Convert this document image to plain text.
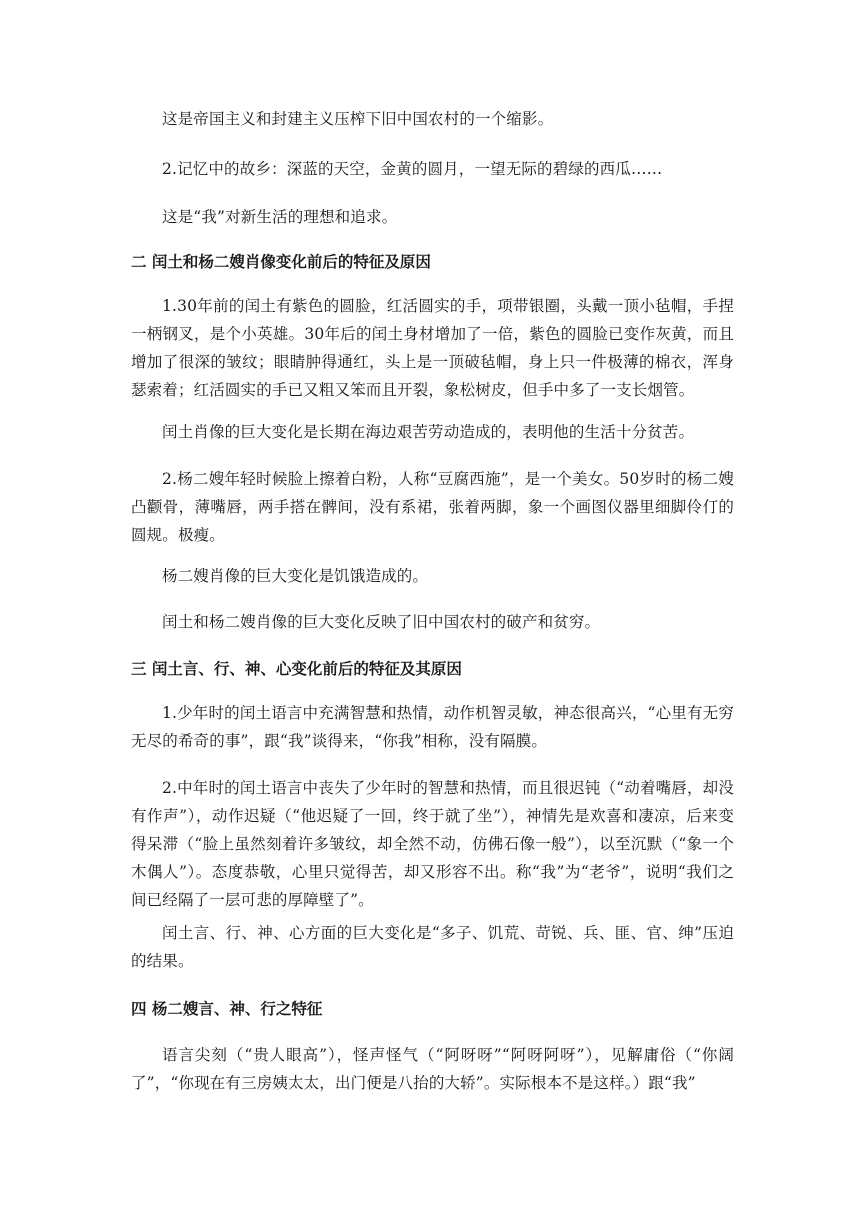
这是帝国主义和封建主义压榨下旧中国农村的一个缩影。

2.记忆中的故乡：深蓝的天空，金黄的圆月，一望无际的碧绿的西瓜……

这是“我”对新生活的理想和追求。

二 闰土和杨二嫂肖像变化前后的特征及原因

1.30年前的闰土有紫色的圆脸，红活圆实的手，项带银圈，头戴一顶小毡帽，手捏一柄钢叉，是个小英雄。30年后的闰土身材增加了一倍，紫色的圆脸已变作灰黄，而且增加了很深的皱纹；眼睛肿得通红，头上是一顶破毡帽，身上只一件极薄的棉衣，浑身瑟索着；红活圆实的手已又粗又笨而且开裂，象松树皮，但手中多了一支长烟管。

闰土肖像的巨大变化是长期在海边艰苦劳动造成的，表明他的生活十分贫苦。

2.杨二嫂年轻时候脸上擦着白粉，人称“豆腐西施”，是一个美女。50岁时的杨二嫂凸颧骨，薄嘴唇，两手搭在髀间，没有系裙，张着两脚，象一个画图仪器里细脚伶仃的圆规。极瘦。

杨二嫂肖像的巨大变化是饥饿造成的。

闰土和杨二嫂肖像的巨大变化反映了旧中国农村的破产和贫穷。

三 闰土言、行、神、心变化前后的特征及其原因

1.少年时的闰土语言中充满智慧和热情，动作机智灵敏，神态很高兴，“心里有无穷无尽的希奇的事”，跟“我”谈得来，“你我”相称，没有隔膜。

2.中年时的闰土语言中丧失了少年时的智慧和热情，而且很迟钝（“动着嘴唇，却没有作声”），动作迟疑（“他迟疑了一回，终于就了坐”），神情先是欢喜和凄凉，后来变得呆滞（“脸上虽然刻着许多皱纹，却全然不动，仿佛石像一般”），以至沉默（“象一个木偶人”）。态度恭敬，心里只觉得苦，却又形容不出。称“我”为“老爷”，说明“我们之间已经隔了一层可悲的厚障壁了”。

闰土言、行、神、心方面的巨大变化是“多子、饥荒、苛锐、兵、匪、官、绅”压迫的结果。

四 杨二嫂言、神、行之特征

语言尖刻（“贵人眼高”），怪声怪气（“阿呀呀”“阿呀阿呀”），见解庸俗（“你阔了”，“你现在有三房姨太太，出门便是八抬的大轿”。实际根本不是这样。）跟“我”
